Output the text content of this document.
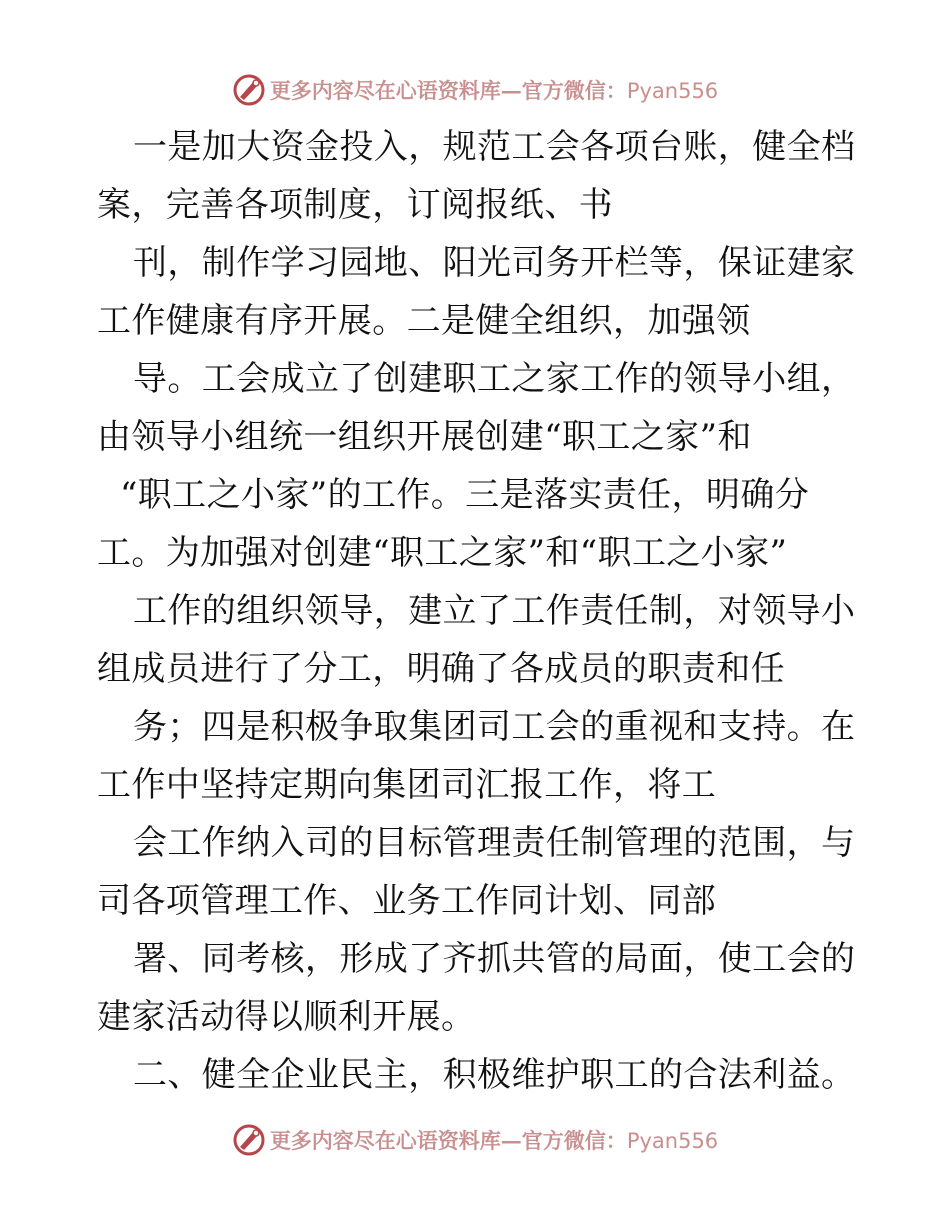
更多内容尽在心语资料库—官方微信：Pyan556
一是加大资金投入，规范工会各项台账，健全档
案，完善各项制度，订阅报纸、书
刊，制作学习园地、阳光司务开栏等，保证建家
工作健康有序开展。二是健全组织，加强领
导。工会成立了创建职工之家工作的领导小组，
由领导小组统一组织开展创建“职工之家”和
“职工之小家”的工作。三是落实责任，明确分
工。为加强对创建“职工之家”和“职工之小家”
工作的组织领导，建立了工作责任制，对领导小
组成员进行了分工，明确了各成员的职责和任
务；四是积极争取集团司工会的重视和支持。在
工作中坚持定期向集团司汇报工作，将工
会工作纳入司的目标管理责任制管理的范围，与
司各项管理工作、业务工作同计划、同部
署、同考核，形成了齐抓共管的局面，使工会的
建家活动得以顺利开展。
二、健全企业民主，积极维护职工的合法利益。
更多内容尽在心语资料库—官方微信：Pyan556
